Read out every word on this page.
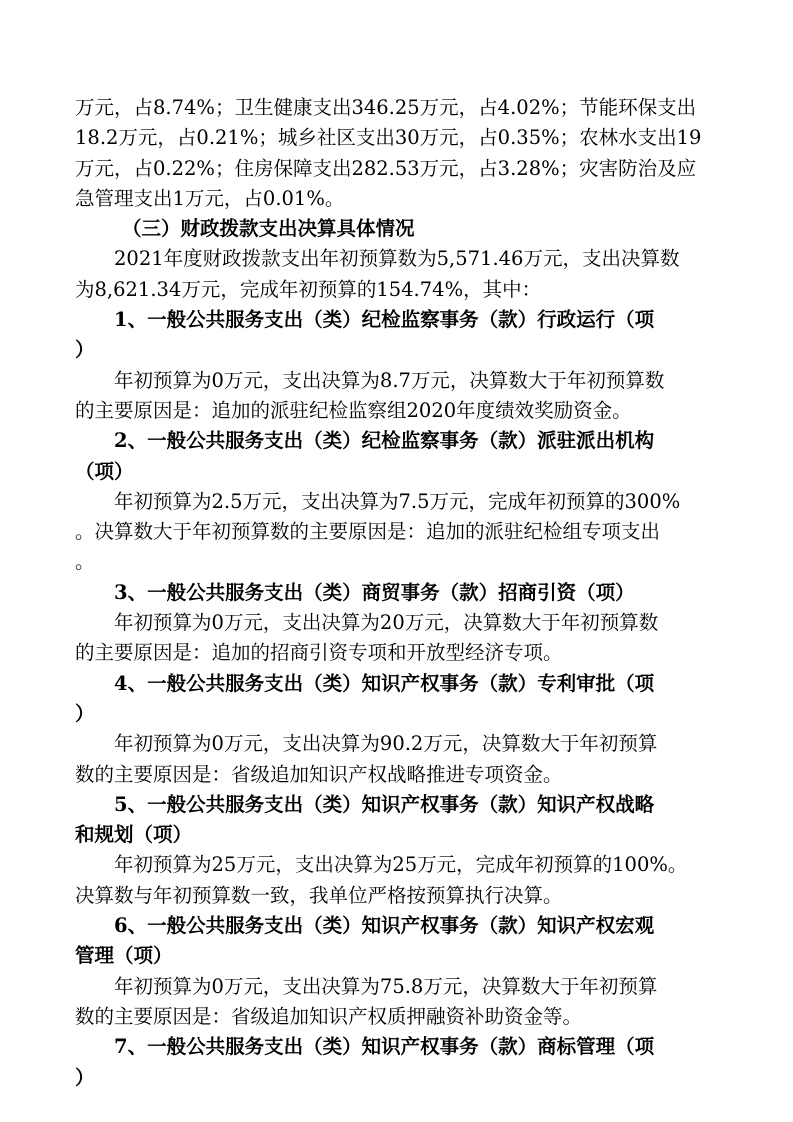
万元，占8.74%；卫生健康支出346.25万元，占4.02%；节能环保支出
18.2万元，占0.21%；城乡社区支出30万元，占0.35%；农林水支出19
万元，占0.22%；住房保障支出282.53万元，占3.28%；灾害防治及应
急管理支出1万元，占0.01%。
（三）财政拨款支出决算具体情况
2021年度财政拨款支出年初预算数为5,571.46万元，支出决算数
为8,621.34万元，完成年初预算的154.74%，其中：
1、一般公共服务支出（类）纪检监察事务（款）行政运行（项
）
年初预算为0万元，支出决算为8.7万元，决算数大于年初预算数
的主要原因是：追加的派驻纪检监察组2020年度绩效奖励资金。
2、一般公共服务支出（类）纪检监察事务（款）派驻派出机构
（项）
年初预算为2.5万元，支出决算为7.5万元，完成年初预算的300%
。决算数大于年初预算数的主要原因是：追加的派驻纪检组专项支出
。
3、一般公共服务支出（类）商贸事务（款）招商引资（项）
年初预算为0万元，支出决算为20万元，决算数大于年初预算数
的主要原因是：追加的招商引资专项和开放型经济专项。
4、一般公共服务支出（类）知识产权事务（款）专利审批（项
）
年初预算为0万元，支出决算为90.2万元，决算数大于年初预算
数的主要原因是：省级追加知识产权战略推进专项资金。
5、一般公共服务支出（类）知识产权事务（款）知识产权战略
和规划（项）
年初预算为25万元，支出决算为25万元，完成年初预算的100%。
决算数与年初预算数一致，我单位严格按预算执行决算。
6、一般公共服务支出（类）知识产权事务（款）知识产权宏观
管理（项）
年初预算为0万元，支出决算为75.8万元，决算数大于年初预算
数的主要原因是：省级追加知识产权质押融资补助资金等。
7、一般公共服务支出（类）知识产权事务（款）商标管理（项
）
